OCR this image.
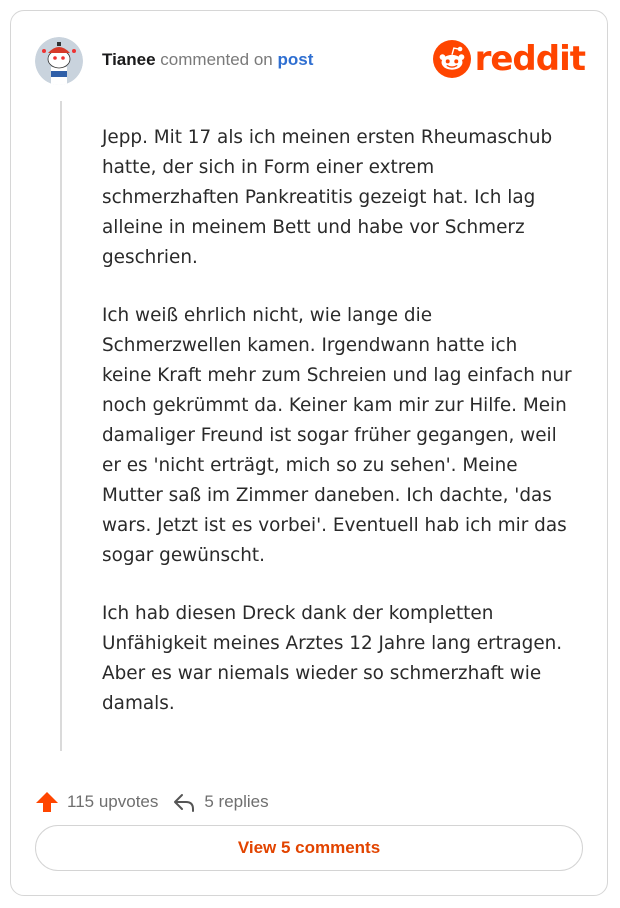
Tianee commented on post	reddit

Jepp. Mit 17 als ich meinen ersten Rheumaschub hatte, der sich in Form einer extrem schmerzhaften Pankreatitis gezeigt hat. Ich lag alleine in meinem Bett und habe vor Schmerz geschrien.

Ich weiß ehrlich nicht, wie lange die Schmerzwellen kamen. Irgendwann hatte ich keine Kraft mehr zum Schreien und lag einfach nur noch gekrümmt da. Keiner kam mir zur Hilfe. Mein damaliger Freund ist sogar früher gegangen, weil er es 'nicht erträgt, mich so zu sehen'. Meine Mutter saß im Zimmer daneben. Ich dachte, 'das wars. Jetzt ist es vorbei'. Eventuell hab ich mir das sogar gewünscht.

Ich hab diesen Dreck dank der kompletten Unfähigkeit meines Arztes 12 Jahre lang ertragen. Aber es war niemals wieder so schmerzhaft wie damals.

115 upvotes	5 replies
View 5 comments
